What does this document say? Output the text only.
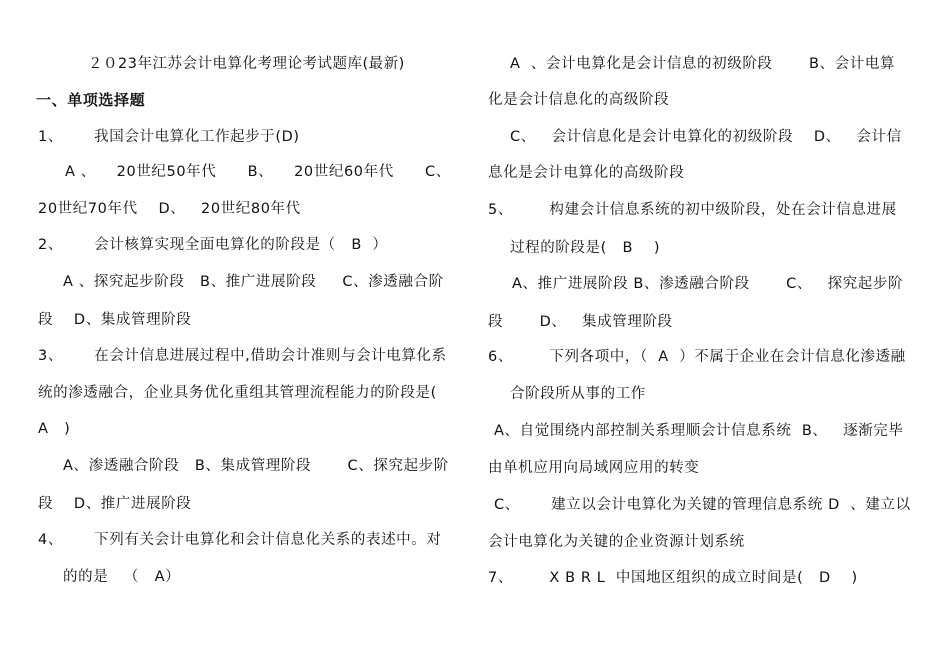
２０23年江苏会计电算化考理论考试题库(最新)
一、单项选择题
1、      我国会计电算化工作起步于(D)
A 、    20世纪50年代      B、    20世纪60年代      C、
20世纪70年代    D、   20世纪80年代
2、      会计核算实现全面电算化的阶段是（   B  ）
A 、探究起步阶段   B、推广进展阶段     C、渗透融合阶
段    D、集成管理阶段
3、      在会计信息进展过程中,借助会计准则与会计电算化系
统的渗透融合，企业具务优化重组其管理流程能力的阶段是(
A   )
A、渗透融合阶段   B、集成管理阶段       C、探究起步阶
段    D、推广进展阶段
4、      下列有关会计电算化和会计信息化关系的表述中。对
的的是   （   A）
A  、会计电算化是会计信息的初级阶段       B、会计电算
化是会计信息化的高级阶段
C、   会计信息化是会计电算化的初级阶段    D、   会计信
息化是会计电算化的高级阶段
5、       构建会计信息系统的初中级阶段，处在会计信息进展
过程的阶段是(   B    )
A、推广进展阶段 B、渗透融合阶段       C、   探究起步阶
段       D、   集成管理阶段
6、       下列各项中，（  A  ）不属于企业在会计信息化渗透融
合阶段所从事的工作
A、自觉围绕内部控制关系理顺会计信息系统  B、   逐渐完毕
由单机应用向局域网应用的转变
C、      建立以会计电算化为关键的管理信息系统 D  、建立以
会计电算化为关键的企业资源计划系统
7、       X B R L  中国地区组织的成立时间是(   D    )
